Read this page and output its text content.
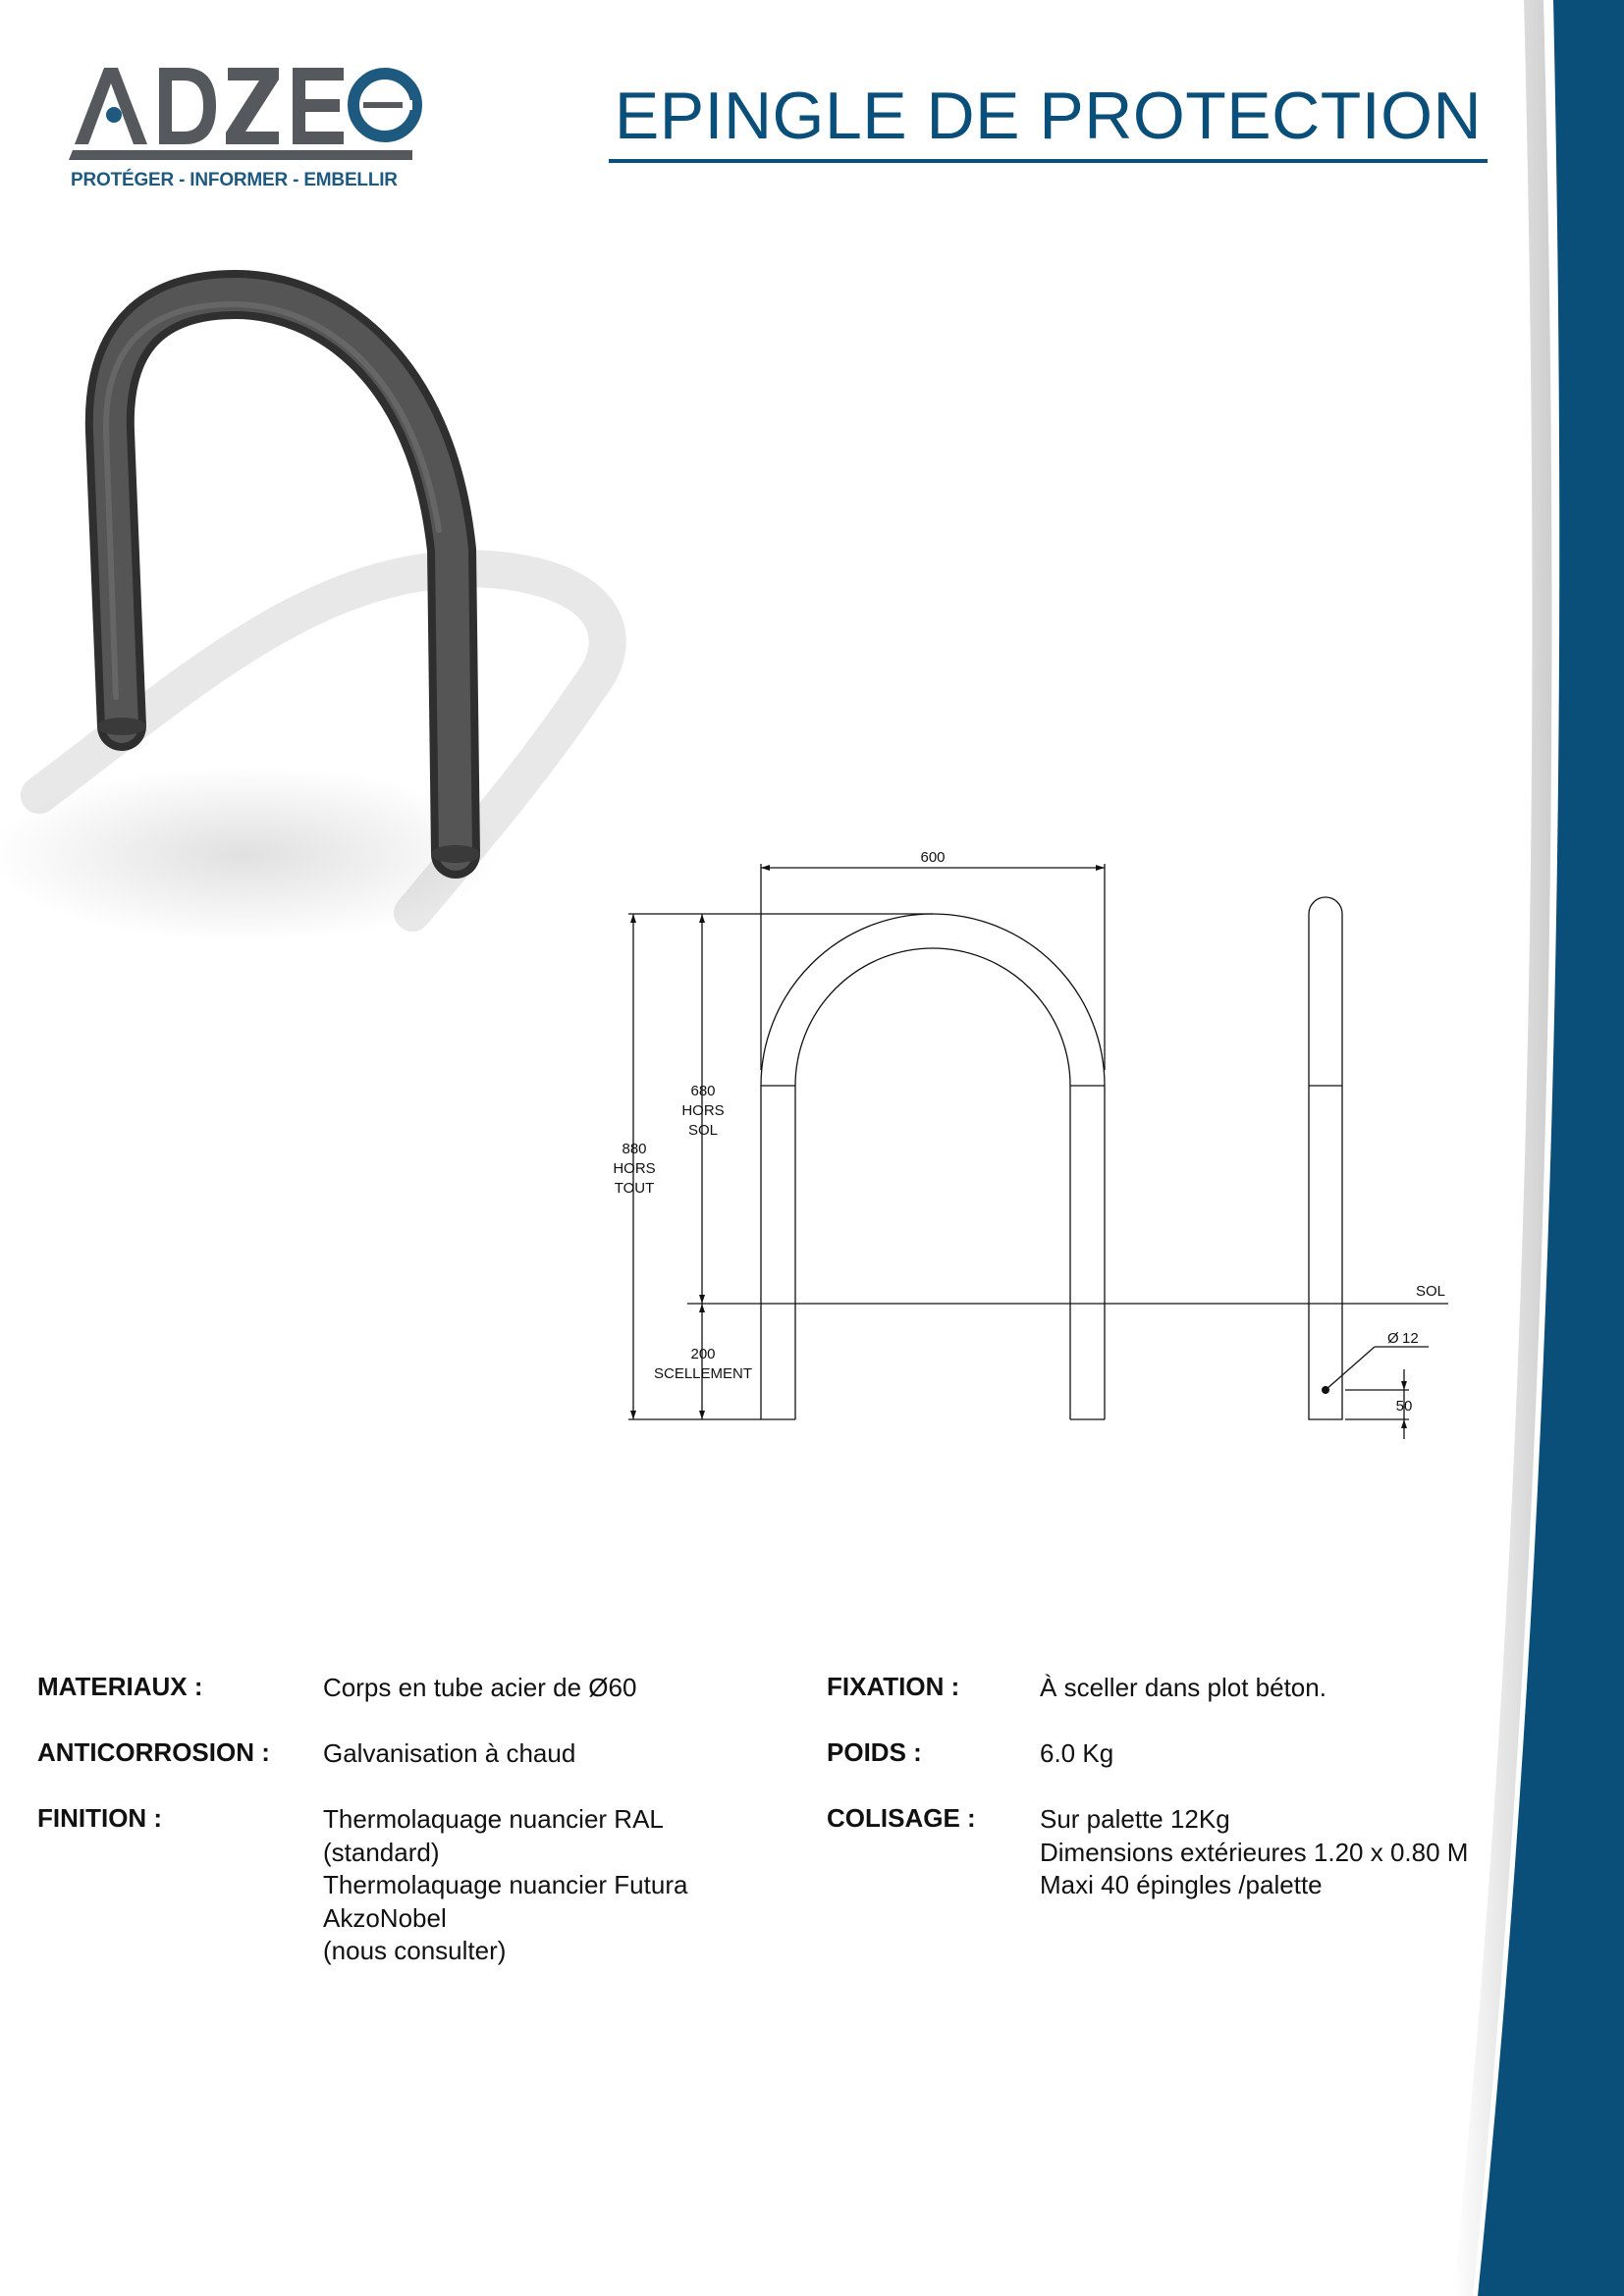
PROTÉGER - INFORMER - EMBELLIR
EPINGLE DE PROTECTION
600
680
HORS
SOL
880
HORS
TOUT
200
SCELLEMENT
SOL
Ø 12
50
MATERIAUX :	Corps en tube acier de Ø60
ANTICORROSION : Galvanisation à chaud
FINITION :	Thermolaquage nuancier RAL
(standard)
Thermolaquage nuancier Futura
AkzoNobel
(nous consulter)
FIXATION :	À sceller dans plot béton.
POIDS :	6.0 Kg
COLISAGE :	Sur palette 12Kg
Dimensions extérieures 1.20 x 0.80 M
Maxi 40 épingles /palette
